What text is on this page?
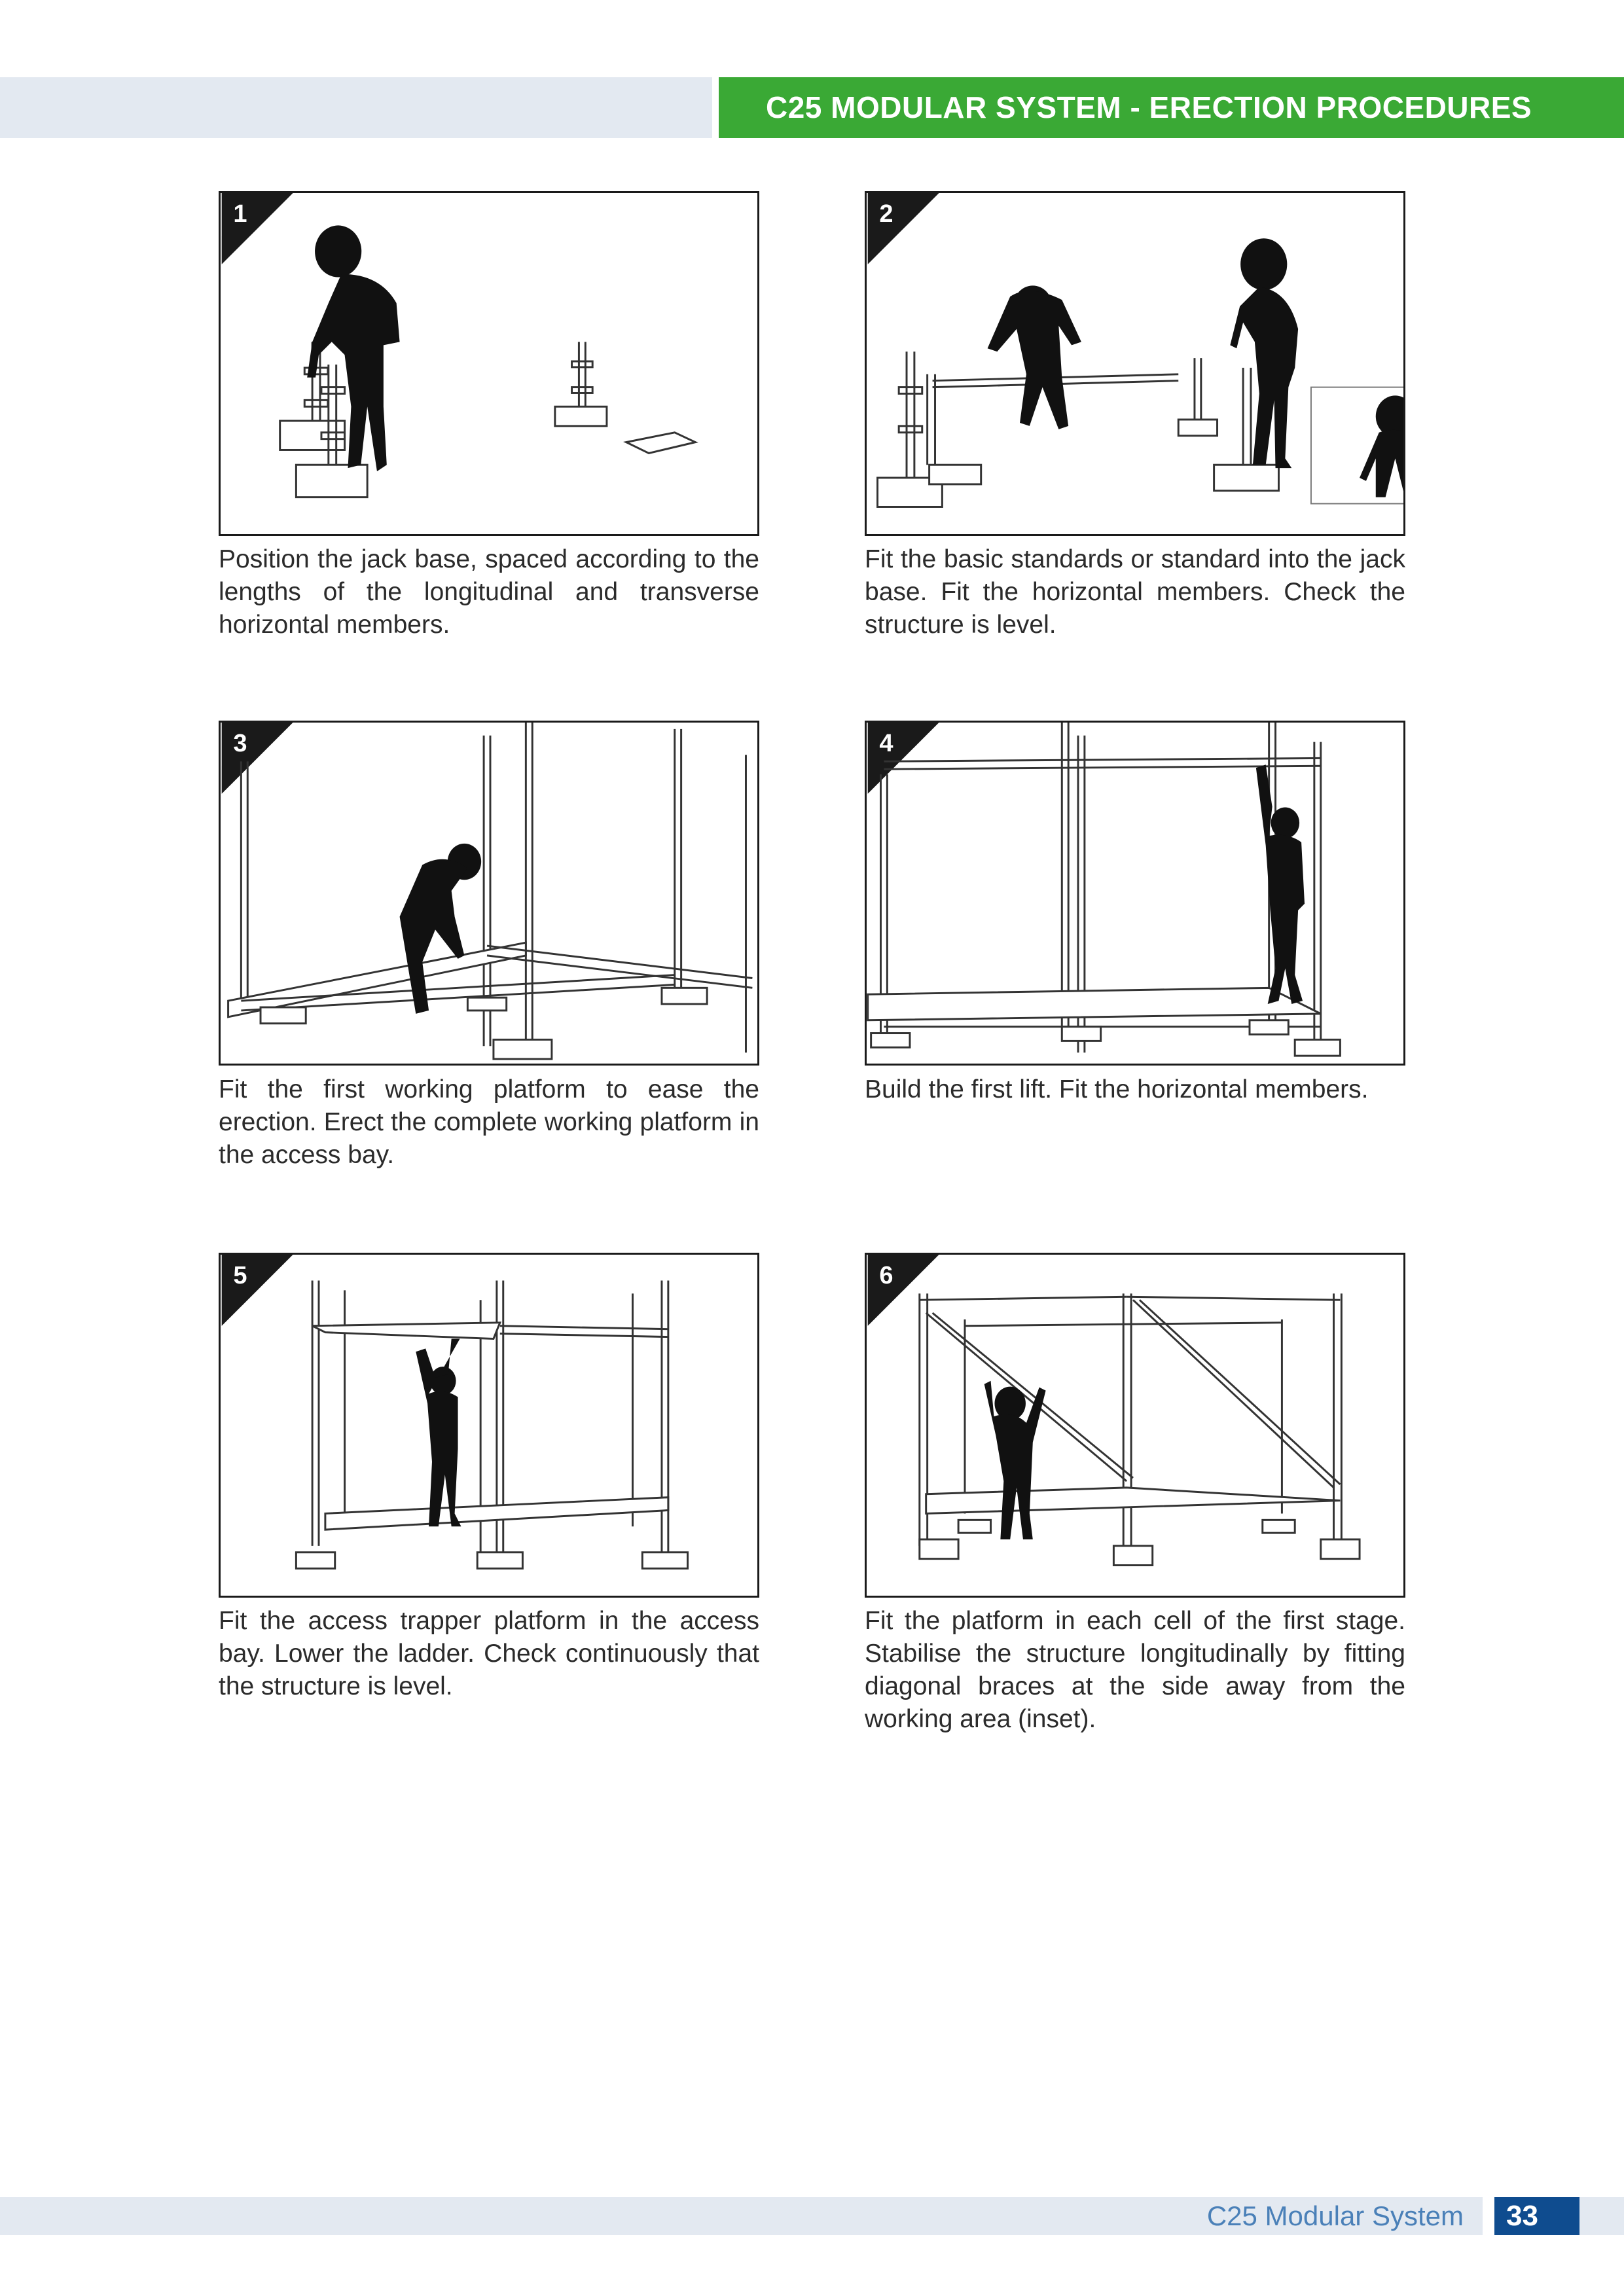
C25 MODULAR SYSTEM - ERECTION PROCEDURES
1
Position the jack base, spaced according to the lengths of the longitudinal and transverse horizontal members.
2
Fit the basic standards or standard into the jack base. Fit the horizontal members. Check the structure is level.
3
Fit the first working platform to ease the erection. Erect the complete working platform in the access bay.
4
Build the first lift. Fit the horizontal members.
5
Fit the access trapper platform in the access bay. Lower the ladder. Check continuously that the structure is level.
6
Fit the platform in each cell of the first stage. Stabilise the structure longitudinally by fitting diagonal braces at the side away from the working area (inset).
C25 Modular System	33
